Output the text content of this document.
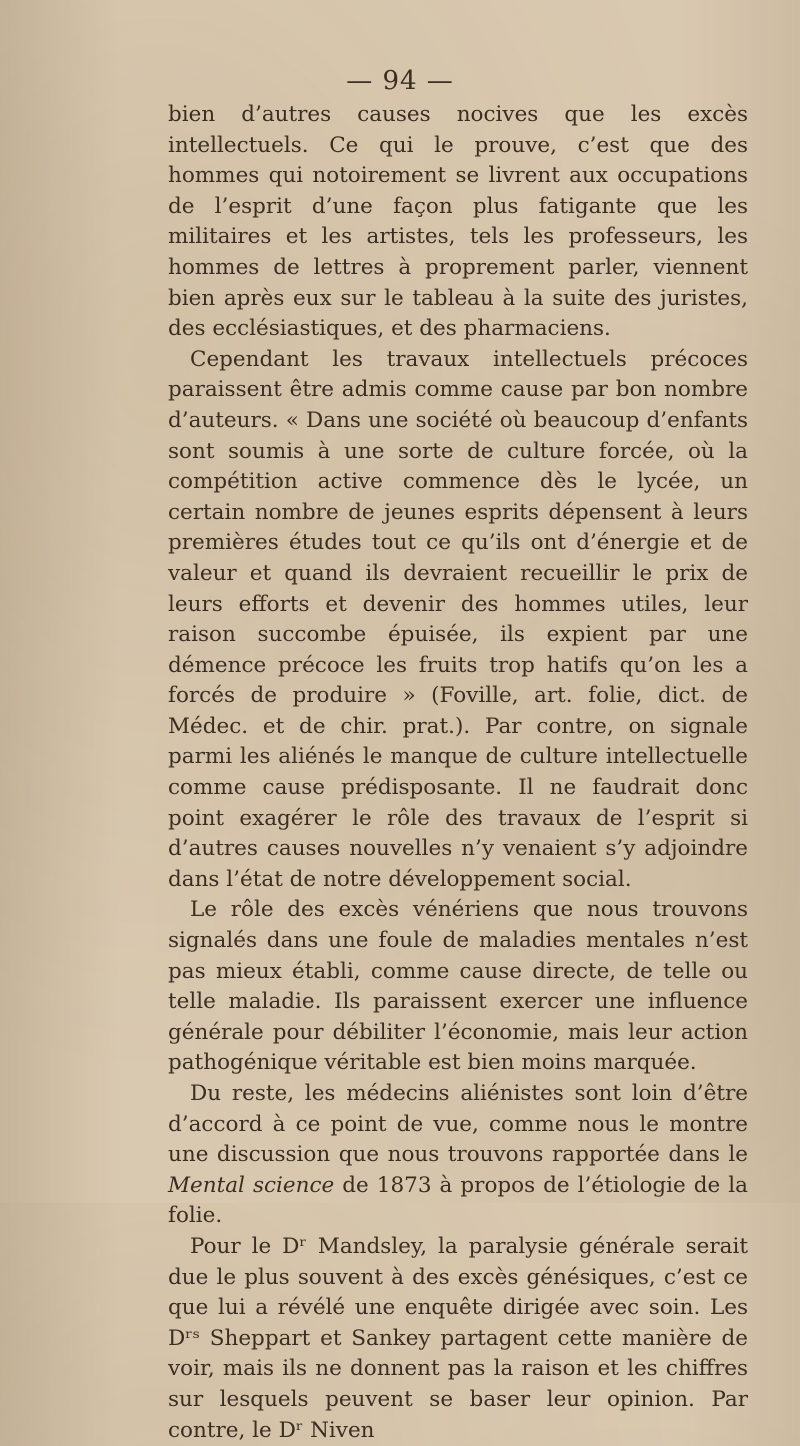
— 94 —

bien d’autres causes nocives que les excès intellectuels. Ce qui le prouve, c’est que des hommes qui notoirement se livrent aux occupations de l’esprit d’une façon plus fatigante que les militaires et les artistes, tels les professeurs, les hommes de lettres à proprement parler, viennent bien après eux sur le tableau à la suite des juristes, des ecclésiastiques, et des pharmaciens.

Cependant les travaux intellectuels précoces paraissent être admis comme cause par bon nombre d’auteurs. « Dans une société où beaucoup d’enfants sont soumis à une sorte de culture forcée, où la compétition active commence dès le lycée, un certain nombre de jeunes esprits dépensent à leurs premières études tout ce qu’ils ont d’énergie et de valeur et quand ils devraient recueillir le prix de leurs efforts et devenir des hommes utiles, leur raison succombe épuisée, ils expient par une démence précoce les fruits trop hatifs qu’on les a forcés de produire » (Foville, art. folie, dict. de Médec. et de chir. prat.). Par contre, on signale parmi les aliénés le manque de culture intellectuelle comme cause prédisposante. Il ne faudrait donc point exagérer le rôle des travaux de l’esprit si d’autres causes nouvelles n’y venaient s’y adjoindre dans l’état de notre développement social.

Le rôle des excès vénériens que nous trouvons signalés dans une foule de maladies mentales n’est pas mieux établi, comme cause directe, de telle ou telle maladie. Ils paraissent exercer une influence générale pour débiliter l’économie, mais leur action pathogénique véritable est bien moins marquée.

Du reste, les médecins aliénistes sont loin d’être d’accord à ce point de vue, comme nous le montre une discussion que nous trouvons rapportée dans le Mental science de 1873 à propos de l’étiologie de la folie.

Pour le Dʳ Mandsley, la paralysie générale serait due le plus souvent à des excès génésiques, c’est ce que lui a révélé une enquête dirigée avec soin. Les Dʳˢ Sheppart et Sankey partagent cette manière de voir, mais ils ne donnent pas la raison et les chiffres sur lesquels peuvent se baser leur opinion. Par contre, le Dʳ Niven
